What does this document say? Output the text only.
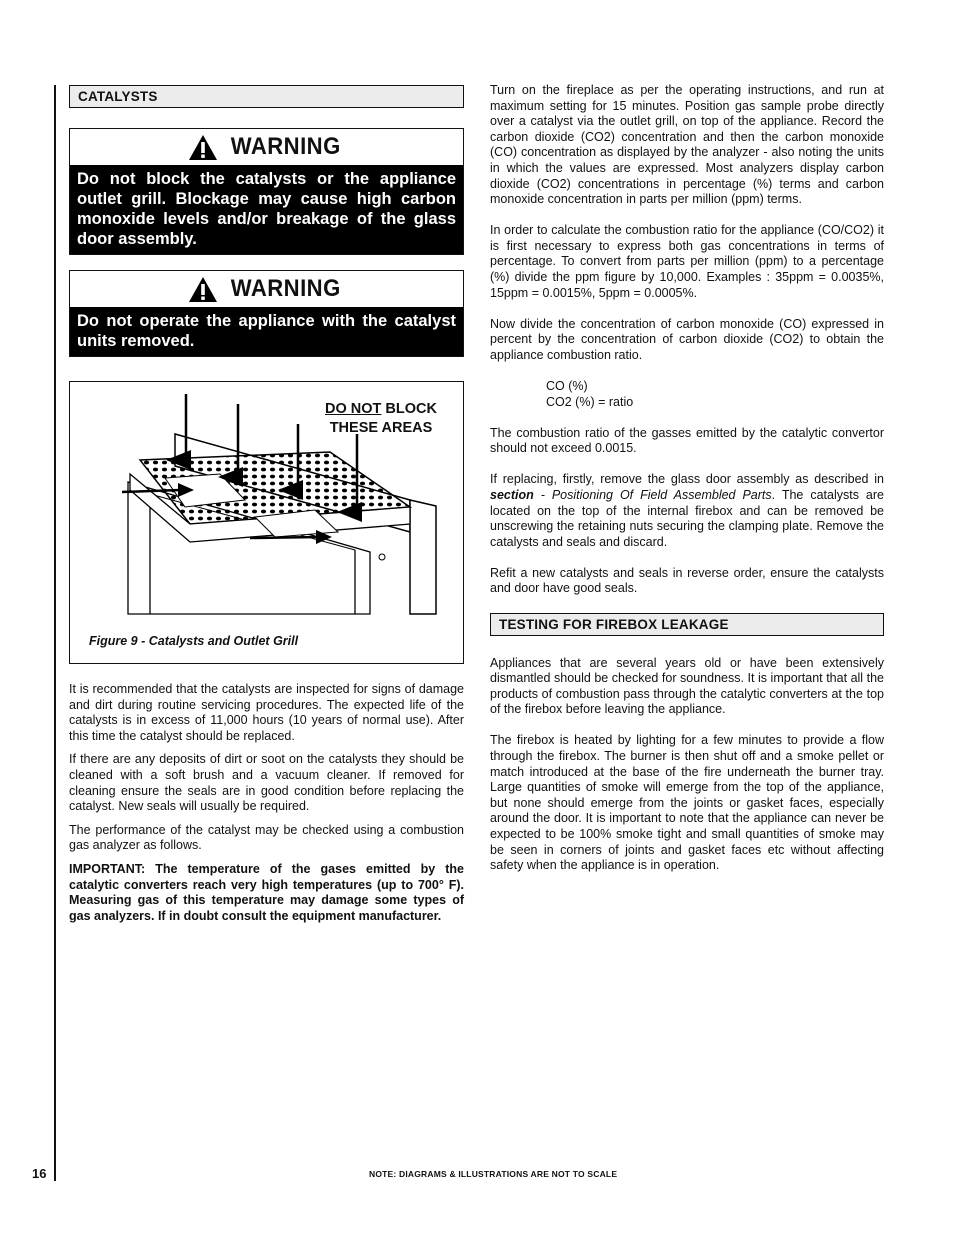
CATALYSTS
WARNING
Do not block the catalysts or the appliance outlet grill. Blockage may cause high carbon monoxide levels and/or breakage of the glass door assembly.
WARNING
Do not operate the appliance with the catalyst units removed.
DO NOT BLOCK
THESE AREAS
Figure 9 - Catalysts and Outlet Grill

It is recommended that the catalysts are inspected for signs of damage and dirt during routine servicing procedures. The expected life of the catalysts is in excess of 11,000 hours (10 years of normal use). After this time the catalyst should be replaced.

If there are any deposits of dirt or soot on the catalysts they should be cleaned with a soft brush and a vacuum cleaner. If removed for cleaning ensure the seals are in good condition before replacing the catalyst. New seals will usually be required.

The performance of the catalyst may be checked using a combustion gas analyzer as follows.

IMPORTANT: The temperature of the gases emitted by the catalytic converters reach very high temperatures (up to 700° F). Measuring gas of this temperature may damage some types of gas analyzers. If in doubt consult the equipment manufacturer.

Turn on the fireplace as per the operating instructions, and run at maximum setting for 15 minutes. Position gas sample probe directly over a catalyst via the outlet grill, on top of the appliance. Record the carbon dioxide (CO2) concentration and then the carbon monoxide (CO) concentration as displayed by the analyzer - also noting the units in which the values are expressed. Most analyzers display carbon dioxide (CO2) concentrations in percentage (%) terms and carbon monoxide concentration in parts per million (ppm) terms.

In order to calculate the combustion ratio for the appliance (CO/CO2) it is first necessary to express both gas concentrations in terms of percentage. To convert from parts per million (ppm) to a percentage (%) divide the ppm figure by 10,000. Examples : 35ppm = 0.0035%, 15ppm = 0.0015%, 5ppm = 0.0005%.

Now divide the concentration of carbon monoxide (CO) expressed in percent by the concentration of carbon dioxide (CO2) to obtain the appliance combustion ratio.

CO (%)
CO2 (%) = ratio

The combustion ratio of the gasses emitted by the catalytic convertor should not exceed 0.0015.

If replacing, firstly, remove the glass door assembly as described in section - Positioning Of Field Assembled Parts. The catalysts are located on the top of the internal firebox and can be removed be unscrewing the retaining nuts securing the clamping plate. Remove the catalysts and seals and discard.

Refit a new catalysts and seals in reverse order, ensure the catalysts and door have good seals.

TESTING FOR FIREBOX LEAKAGE

Appliances that are several years old or have been extensively dismantled should be checked for soundness. It is important that all the products of combustion pass through the catalytic converters at the top of the firebox before leaving the appliance.

The firebox is heated by lighting for a few minutes to provide a flow through the firebox. The burner is then shut off and a smoke pellet or match introduced at the base of the fire underneath the burner tray. Large quantities of smoke will emerge from the top of the appliance, but none should emerge from the joints or gasket faces, especially around the door. It is important to note that the appliance can never be expected to be 100% smoke tight and small quantities of smoke may be seen in corners of joints and gasket faces etc without affecting safety when the appliance is in operation.

16	NOTE: DIAGRAMS & ILLUSTRATIONS ARE NOT TO SCALE
